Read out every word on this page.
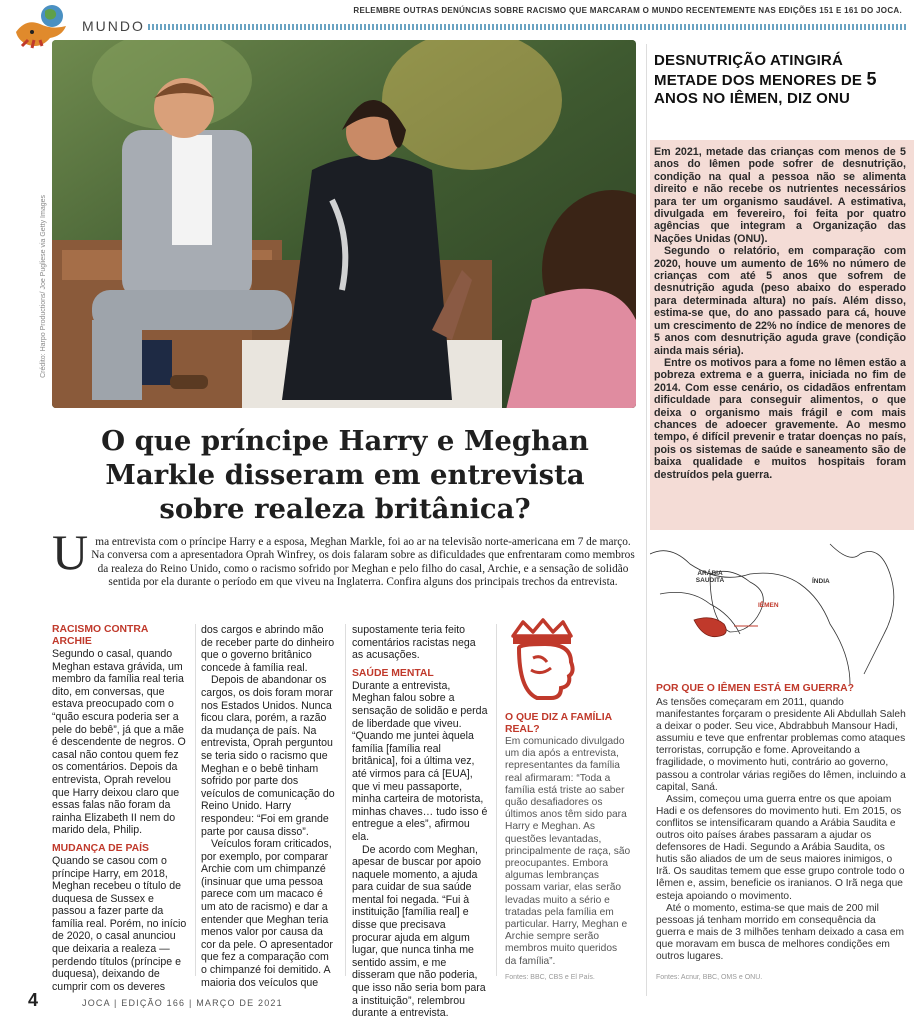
MUNDO
RELEMBRE OUTRAS DENÚNCIAS SOBRE RACISMO QUE MARCARAM O MUNDO RECENTEMENTE NAS EDIÇÕES 151 E 161 DO JOCA.
Crédito: Harpo Productions/ Joe Pugliese via Getty Images
O que príncipe Harry e Meghan Markle disseram em entrevista sobre realeza britânica?
U ma entrevista com o príncipe Harry e a esposa, Meghan Markle, foi ao ar na televisão norte-americana em 7 de março. Na conversa com a apresentadora Oprah Winfrey, os dois falaram sobre as dificuldades que enfrentaram como membros da realeza do Reino Unido, como o racismo sofrido por Meghan e pelo filho do casal, Archie, e a sensação de solidão sentida por ela durante o período em que viveu na Inglaterra. Confira alguns dos principais trechos da entrevista.
RACISMO CONTRA ARCHIE

Segundo o casal, quando Meghan estava grávida, um membro da família real teria dito, em conversas, que estava preocupado com o “quão escura poderia ser a pele do bebê”, já que a mãe é descendente de negros. O casal não contou quem fez os comentários. Depois da entrevista, Oprah revelou que Harry deixou claro que essas falas não foram da rainha Elizabeth II nem do marido dela, Philip.

MUDANÇA DE PAÍS

Quando se casou com o príncipe Harry, em 2018, Meghan recebeu o título de duquesa de Sussex e passou a fazer parte da família real. Porém, no início de 2020, o casal anunciou que deixaria a realeza — perdendo títulos (príncipe e duquesa), deixando de cumprir com os deveres

dos cargos e abrindo mão de receber parte do dinheiro que o governo britânico concede à família real.

Depois de abandonar os cargos, os dois foram morar nos Estados Unidos. Nunca ficou clara, porém, a razão da mudança de país. Na entrevista, Oprah perguntou se teria sido o racismo que Meghan e o bebê tinham sofrido por parte dos veículos de comunicação do Reino Unido. Harry respondeu: “Foi em grande parte por causa disso”.

Veículos foram criticados, por exemplo, por comparar Archie com um chimpanzé (insinuar que uma pessoa parece com um macaco é um ato de racismo) e dar a entender que Meghan teria menos valor por causa da cor da pele. O apresentador que fez a comparação com o chimpanzé foi demitido. A maioria dos veículos que

supostamente teria feito comentários racistas nega as acusações.

SAÚDE MENTAL

Durante a entrevista, Meghan falou sobre a sensação de solidão e perda de liberdade que viveu. “Quando me juntei àquela família [família real britânica], foi a última vez, até virmos para cá [EUA], que vi meu passaporte, minha carteira de motorista, minhas chaves… tudo isso é entregue a eles”, afirmou ela.

De acordo com Meghan, apesar de buscar por apoio naquele momento, a ajuda para cuidar de sua saúde mental foi negada. “Fui à instituição [família real] e disse que precisava procurar ajuda em algum lugar, que nunca tinha me sentido assim, e me disseram que não poderia, que isso não seria bom para a instituição”, relembrou durante a entrevista.

O QUE DIZ A FAMÍLIA REAL?

Em comunicado divulgado um dia após a entrevista, representantes da família real afirmaram: “Toda a família está triste ao saber quão desafiadores os últimos anos têm sido para Harry e Meghan. As questões levantadas, principalmente de raça, são preocupantes. Embora algumas lembranças possam variar, elas serão levadas muito a sério e tratadas pela família em particular. Harry, Meghan e Archie sempre serão membros muito queridos da família”.

Fontes: BBC, CBS e El País.
DESNUTRIÇÃO ATINGIRÁ METADE DOS MENORES DE 5 ANOS NO IÊMEN, DIZ ONU

Em 2021, metade das crianças com menos de 5 anos do Iêmen pode sofrer de desnutrição, condição na qual a pessoa não se alimenta direito e não recebe os nutrientes necessários para ter um organismo saudável. A estimativa, divulgada em fevereiro, foi feita por quatro agências que integram a Organização das Nações Unidas (ONU).

Segundo o relatório, em comparação com 2020, houve um aumento de 16% no número de crianças com até 5 anos que sofrem de desnutrição aguda (peso abaixo do esperado para determinada altura) no país. Além disso, estima-se que, do ano passado para cá, houve um crescimento de 22% no índice de menores de 5 anos com desnutrição aguda grave (condição ainda mais séria).

Entre os motivos para a fome no Iêmen estão a pobreza extrema e a guerra, iniciada no fim de 2014. Com esse cenário, os cidadãos enfrentam dificuldade para conseguir alimentos, o que deixa o organismo mais frágil e com mais chances de adoecer gravemente. Ao mesmo tempo, é difícil prevenir e tratar doenças no país, pois os sistemas de saúde e saneamento são de baixa qualidade e muitos hospitais foram destruídos pela guerra.

ARÁBIA SAUDITA	ÍNDIA
IÊMEN
POR QUE O IÊMEN ESTÁ EM GUERRA?

As tensões começaram em 2011, quando manifestantes forçaram o presidente Ali Abdullah Saleh a deixar o poder. Seu vice, Abdrabbuh Mansour Hadi, assumiu e teve que enfrentar problemas como ataques terroristas, corrupção e fome. Aproveitando a fragilidade, o movimento huti, contrário ao governo, passou a controlar várias regiões do Iêmen, incluindo a capital, Saná.

Assim, começou uma guerra entre os que apoiam Hadi e os defensores do movimento huti. Em 2015, os conflitos se intensificaram quando a Arábia Saudita e outros oito países árabes passaram a ajudar os defensores de Hadi. Segundo a Arábia Saudita, os hutis são aliados de um de seus maiores inimigos, o Irã. Os sauditas temem que esse grupo controle todo o Iêmen e, assim, beneficie os iranianos. O Irã nega que esteja apoiando o movimento.

Até o momento, estima-se que mais de 200 mil pessoas já tenham morrido em consequência da guerra e mais de 3 milhões tenham deixado a casa em que moravam em busca de melhores condições em outros lugares.

Fontes: Acnur, BBC, OMS e ONU.
4	JOCA | EDIÇÃO 166 | MARÇO DE 2021
